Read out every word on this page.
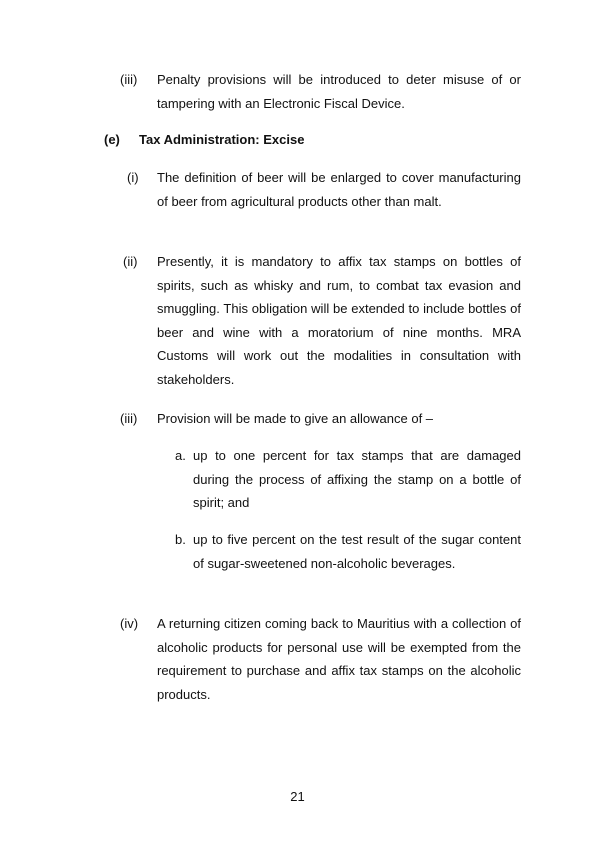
(iii) Penalty provisions will be introduced to deter misuse of or tampering with an Electronic Fiscal Device.
(e) Tax Administration: Excise
(i) The definition of beer will be enlarged to cover manufacturing of beer from agricultural products other than malt.
(ii) Presently, it is mandatory to affix tax stamps on bottles of spirits, such as whisky and rum, to combat tax evasion and smuggling. This obligation will be extended to include bottles of beer and wine with a moratorium of nine months. MRA Customs will work out the modalities in consultation with stakeholders.
(iii) Provision will be made to give an allowance of –
a. up to one percent for tax stamps that are damaged during the process of affixing the stamp on a bottle of spirit; and
b. up to five percent on the test result of the sugar content of sugar-sweetened non-alcoholic beverages.
(iv) A returning citizen coming back to Mauritius with a collection of alcoholic products for personal use will be exempted from the requirement to purchase and affix tax stamps on the alcoholic products.
21
